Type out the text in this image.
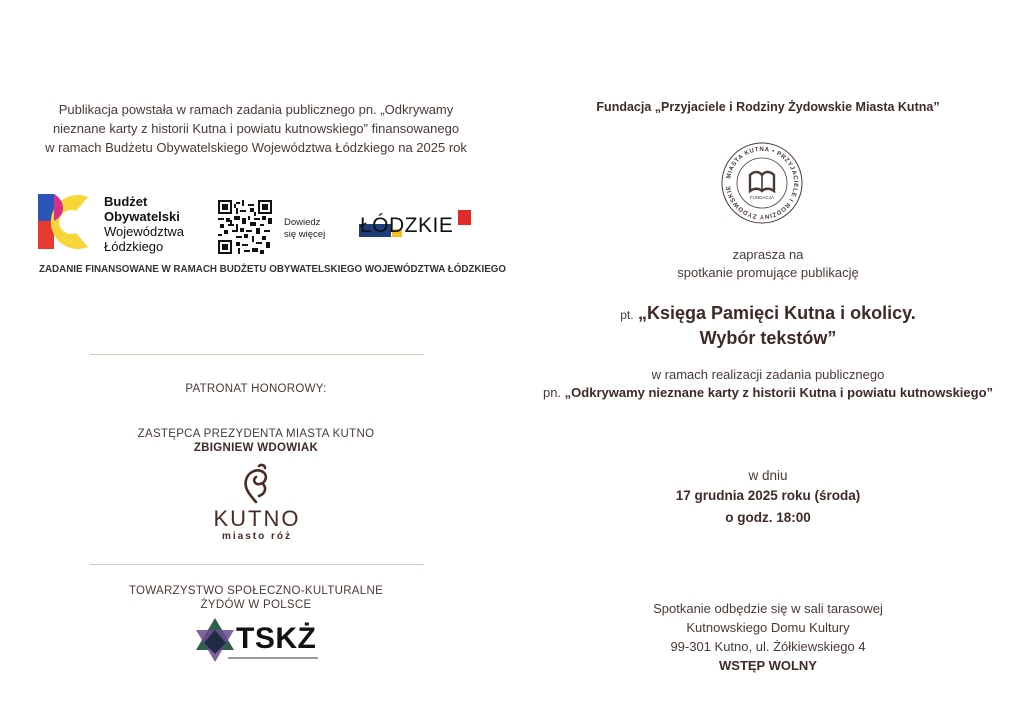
Publikacja powstała w ramach zadania publicznego pn. „Odkrywamy
nieznane karty z historii Kutna i powiatu kutnowskiego” finansowanego
w ramach Budżetu Obywatelskiego Województwa Łódzkiego na 2025 rok
Budżet
Obywatelski
Województwa
Łódzkiego
Dowiedz
się więcej ŁÓDZKIE
ZADANIE FINANSOWANE W RAMACH BUDŻETU OBYWATELSKIEGO WOJEWÓDZTWA ŁÓDZKIEGO
PATRONAT HONOROWY:
ZASTĘPCA PREZYDENTA MIASTA KUTNO
ZBIGNIEW WDOWIAK
KUTNO
miasto róż
TOWARZYSTWO SPOŁECZNO-KULTURALNE
ŻYDÓW W POLSCE
TSKŻ
Fundacja „Przyjaciele i Rodziny Żydowskie Miasta Kutna”
MIASTA KUTNA • PRZYJACIELE I RODZINY ŻYDOWSKIE
FUNDACJA
zaprasza na
spotkanie promujące publikację
pt. „Księga Pamięci Kutna i okolicy.
Wybór tekstów”
w ramach realizacji zadania publicznego
pn. „Odkrywamy nieznane karty z historii Kutna i powiatu kutnowskiego”
w dniu
17 grudnia 2025 roku (środa)
o godz. 18:00
Spotkanie odbędzie się w sali tarasowej
Kutnowskiego Domu Kultury
99-301 Kutno, ul. Żółkiewskiego 4
WSTĘP WOLNY
